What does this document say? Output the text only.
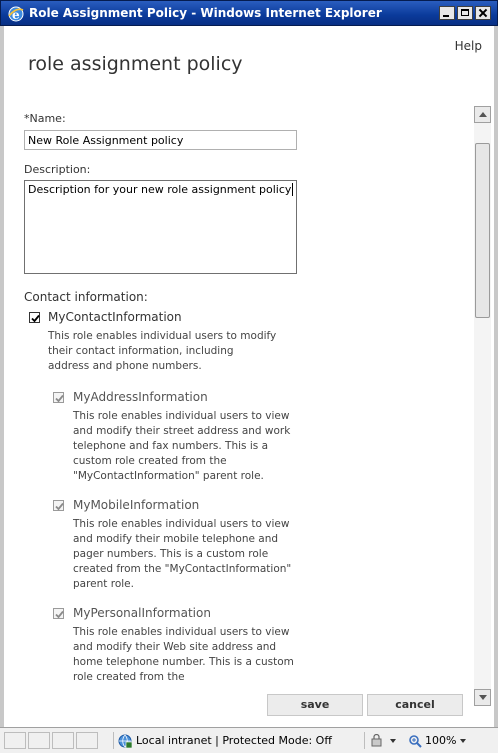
e Role Assignment Policy - Windows Internet Explorer
Help
role assignment policy
*Name:
New Role Assignment policy
Description:
Description for your new role assignment policy
Contact information:
MyContactInformation
This role enables individual users to modify their contact information, including address and phone numbers.
MyAddressInformation
This role enables individual users to view and modify their street address and work telephone and fax numbers. This is a custom role created from the "MyContactInformation" parent role.
MyMobileInformation
This role enables individual users to view and modify their mobile telephone and pager numbers. This is a custom role created from the "MyContactInformation" parent role.
MyPersonalInformation
This role enables individual users to view and modify their Web site address and home telephone number. This is a custom role created from the
save	cancel
Local intranet | Protected Mode: Off	100%
